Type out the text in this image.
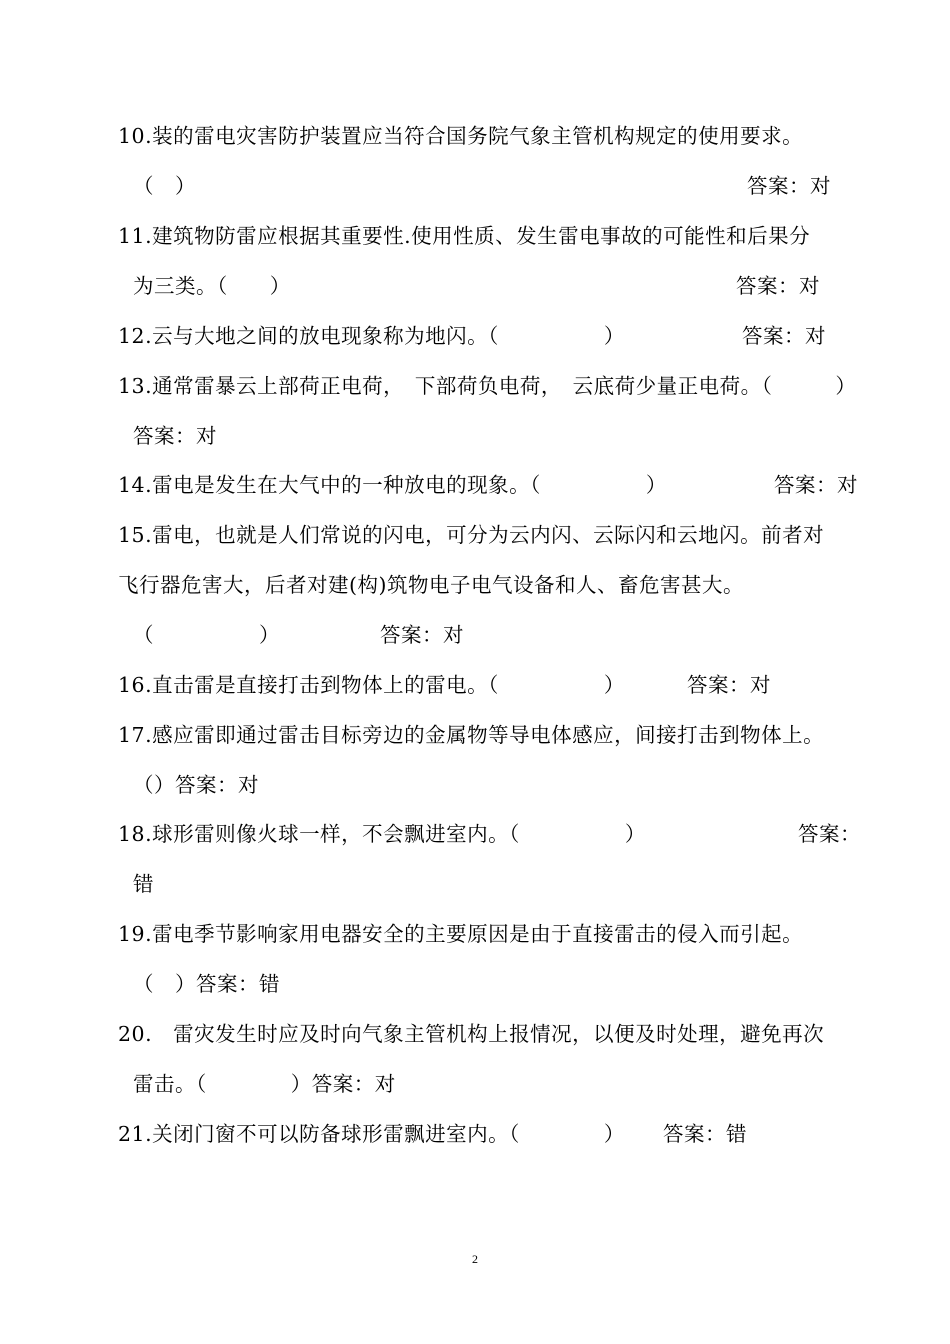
10.装的雷电灾害防护装置应当符合国务院气象主管机构规定的使用要求。
（　）	答案：对
11.建筑物防雷应根据其重要性.使用性质、发生雷电事故的可能性和后果分
为三类。（　　）	答案：对
12.云与大地之间的放电现象称为地闪。（　　　　　）	答案：对
13.通常雷暴云上部荷正电荷，　下部荷负电荷，　云底荷少量正电荷。（　　　）
答案：对
14.雷电是发生在大气中的一种放电的现象。（　　　　　）	答案：对
15.雷电，也就是人们常说的闪电，可分为云内闪、云际闪和云地闪。前者对
飞行器危害大，后者对建(构)筑物电子电气设备和人、畜危害甚大。
（　　　　　）	答案：对
16.直击雷是直接打击到物体上的雷电。（　　　　　）	答案：对
17.感应雷即通过雷击目标旁边的金属物等导电体感应，间接打击到物体上。
（）答案：对
18.球形雷则像火球一样，不会飘进室内。（　　　　　）	答案：
错
19.雷电季节影响家用电器安全的主要原因是由于直接雷击的侵入而引起。
（　）答案：错
20.　雷灾发生时应及时向气象主管机构上报情况，以便及时处理，避免再次
雷击。（　　　　）答案：对
21.关闭门窗不可以防备球形雷飘进室内。（　　　　） 答案：错
2
